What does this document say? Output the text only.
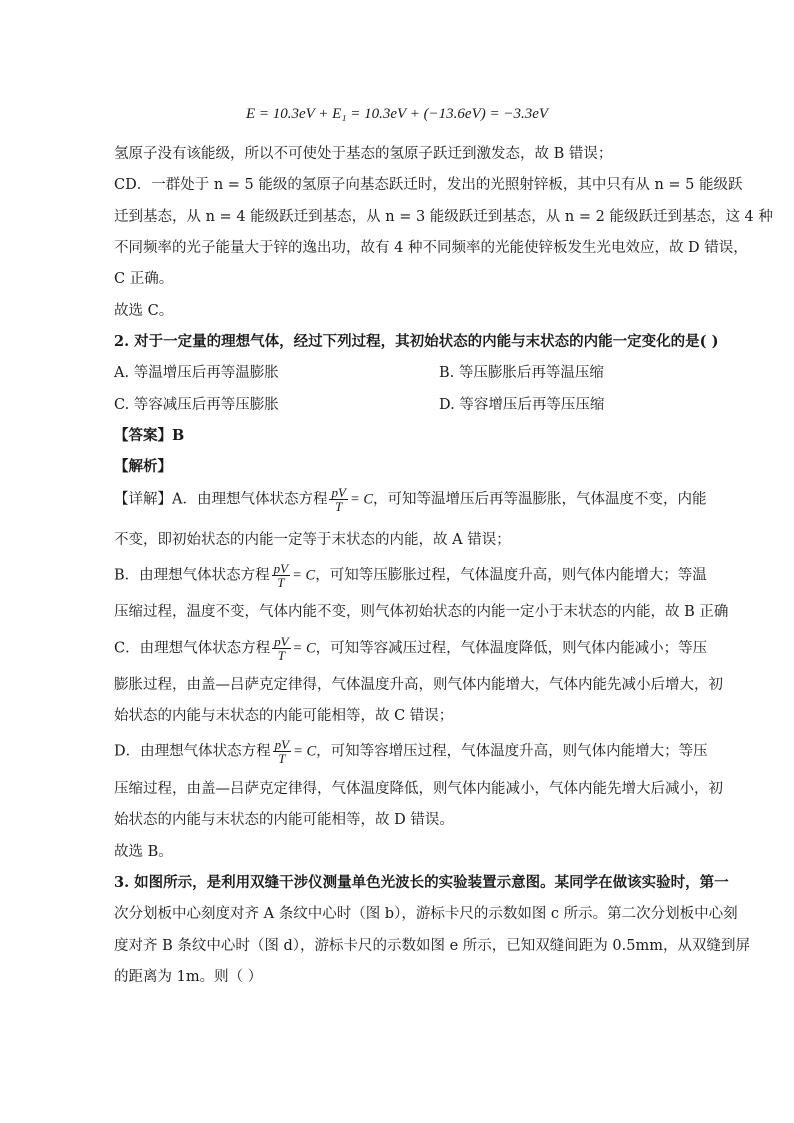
E = 10.3eV + E₁ = 10.3eV + (−13.6eV) = −3.3eV
氢原子没有该能级，所以不可使处于基态的氢原子跃迁到激发态，故 B 错误；
CD．一群处于 n = 5 能级的氢原子向基态跃迁时，发出的光照射锌板，其中只有从 n = 5 能级跃
迁到基态，从 n = 4 能级跃迁到基态，从 n = 3 能级跃迁到基态，从 n = 2 能级跃迁到基态，这 4 种
不同频率的光子能量大于锌的逸出功，故有 4 种不同频率的光能使锌板发生光电效应，故 D 错误，
C 正确。
故选 C。
2. 对于一定量的理想气体，经过下列过程，其初始状态的内能与末状态的内能一定变化的是( )
A. 等温增压后再等温膨胀	B. 等压膨胀后再等温压缩
C. 等容减压后再等压膨胀	D. 等容增压后再等压压缩
【答案】B
【解析】
【详解】A．由理想气体状态方程 $\frac{pV}{T} = C$，可知等温增压后再等温膨胀，气体温度不变，内能
不变，即初始状态的内能一定等于末状态的内能，故 A 错误；
B．由理想气体状态方程 $\frac{pV}{T} = C$，可知等压膨胀过程，气体温度升高，则气体内能增大；等温
压缩过程，温度不变，气体内能不变，则气体初始状态的内能一定小于末状态的内能，故 B 正确
C．由理想气体状态方程 $\frac{pV}{T} = C$，可知等容减压过程，气体温度降低，则气体内能减小；等压
膨胀过程，由盖—吕萨克定律得，气体温度升高，则气体内能增大，气体内能先减小后增大，初
始状态的内能与末状态的内能可能相等，故 C 错误；
D．由理想气体状态方程 $\frac{pV}{T} = C$，可知等容增压过程，气体温度升高，则气体内能增大；等压
压缩过程，由盖—吕萨克定律得，气体温度降低，则气体内能减小，气体内能先增大后减小，初
始状态的内能与末状态的内能可能相等，故 D 错误。
故选 B。
3. 如图所示，是利用双缝干涉仪测量单色光波长的实验装置示意图。某同学在做该实验时，第一
次分划板中心刻度对齐 A 条纹中心时（图 b），游标卡尺的示数如图 c 所示。第二次分划板中心刻
度对齐 B 条纹中心时（图 d），游标卡尺的示数如图 e 所示，已知双缝间距为 0.5mm，从双缝到屏
的距离为 1m。则（ ）
